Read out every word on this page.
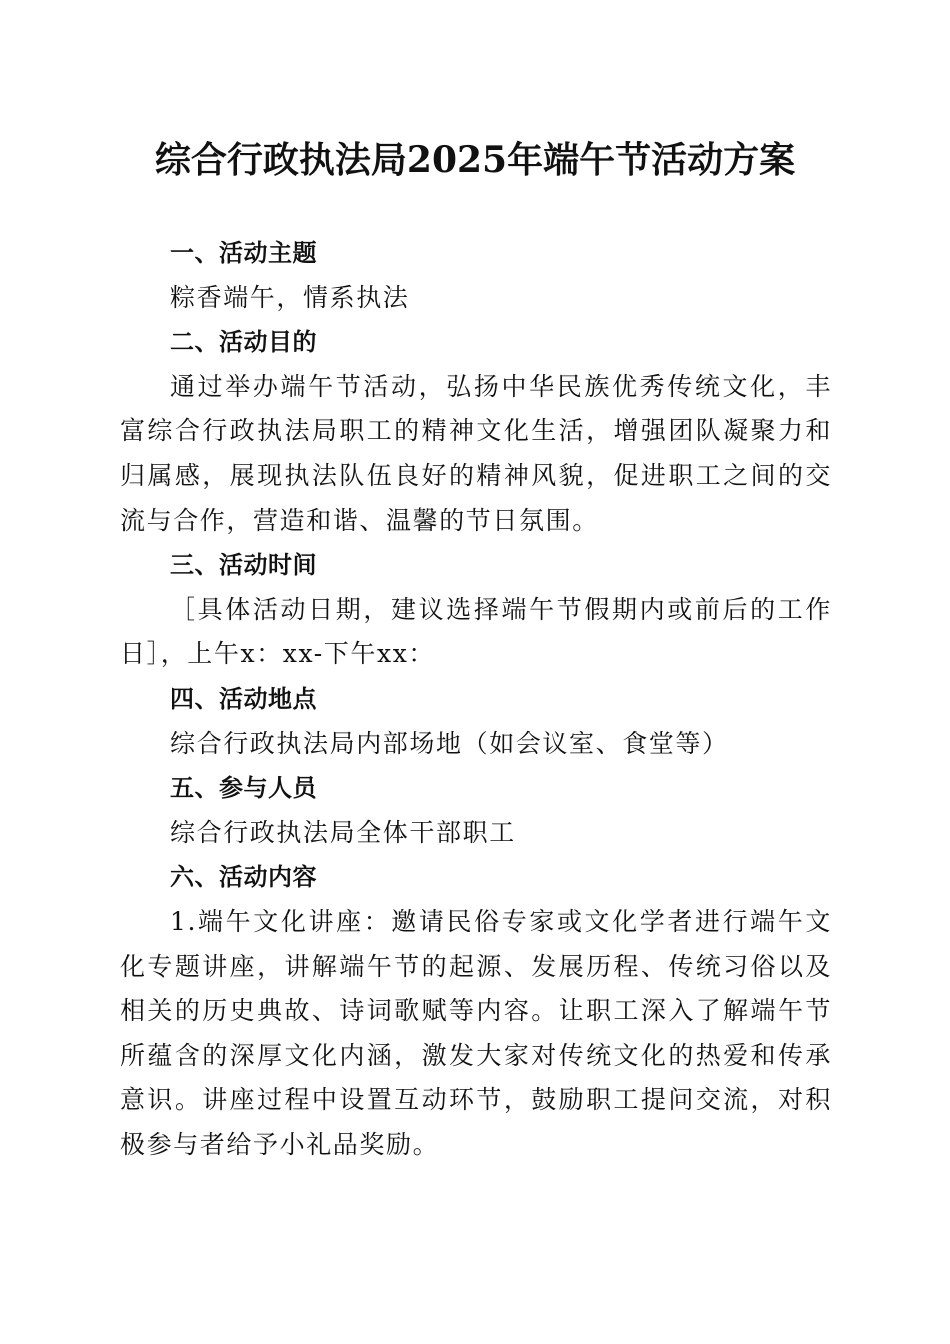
综合行政执法局2025年端午节活动方案
一、活动主题

粽香端午，情系执法

二、活动目的

通过举办端午节活动，弘扬中华民族优秀传统文化，丰富综合行政执法局职工的精神文化生活，增强团队凝聚力和归属感，展现执法队伍良好的精神风貌，促进职工之间的交流与合作，营造和谐、温馨的节日氛围。

三、活动时间

［具体活动日期，建议选择端午节假期内或前后的工作日］，上午x：xx-下午xx：

四、活动地点

综合行政执法局内部场地（如会议室、食堂等）

五、参与人员

综合行政执法局全体干部职工

六、活动内容

1.端午文化讲座：邀请民俗专家或文化学者进行端午文化专题讲座，讲解端午节的起源、发展历程、传统习俗以及相关的历史典故、诗词歌赋等内容。让职工深入了解端午节所蕴含的深厚文化内涵，激发大家对传统文化的热爱和传承意识。讲座过程中设置互动环节，鼓励职工提问交流，对积极参与者给予小礼品奖励。
